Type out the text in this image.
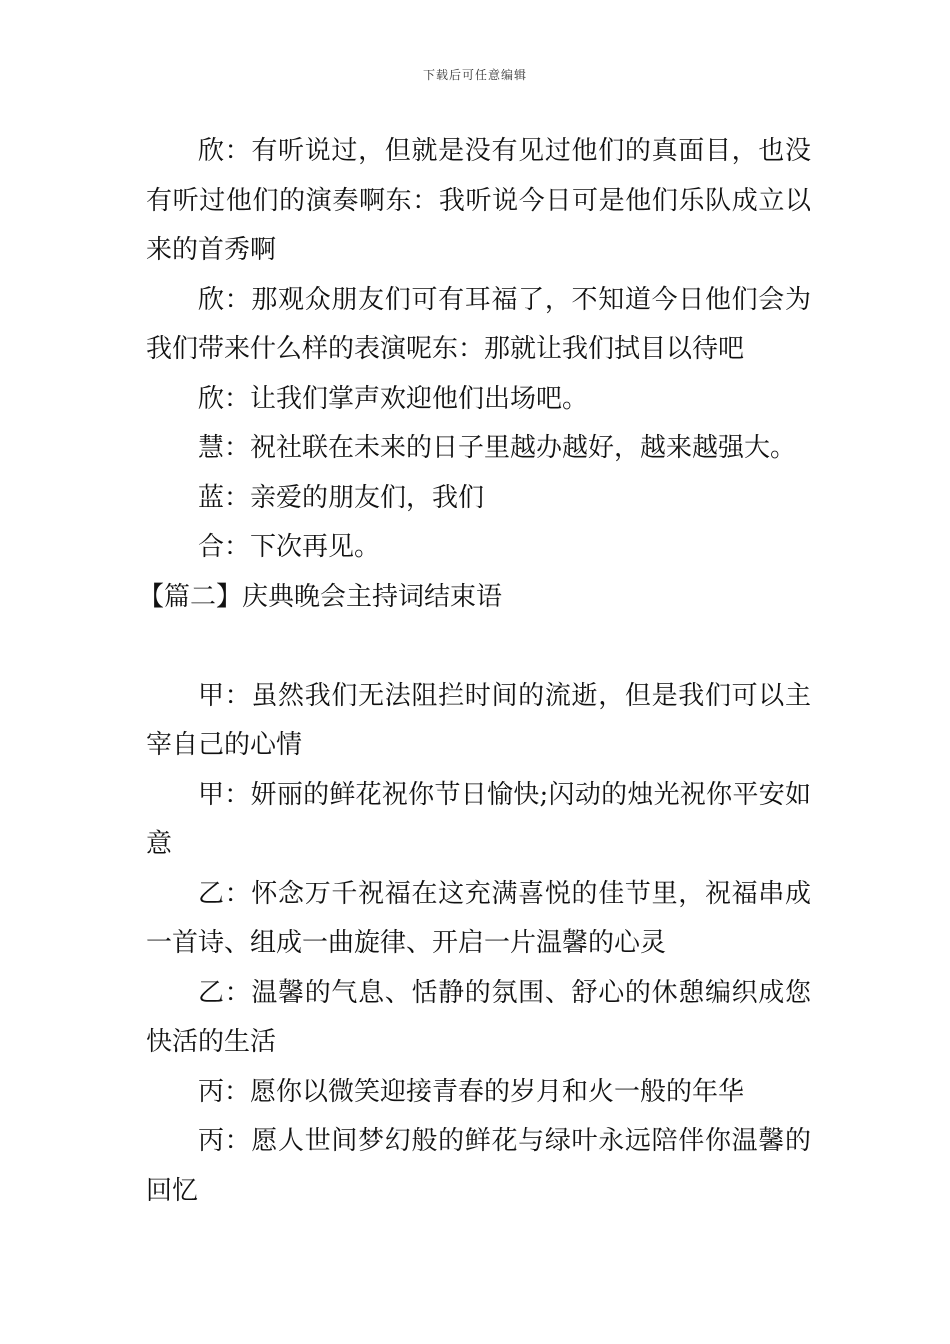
下载后可任意编辑

欣：有听说过，但就是没有见过他们的真面目，也没有听过他们的演奏啊东：我听说今日可是他们乐队成立以来的首秀啊

欣：那观众朋友们可有耳福了，不知道今日他们会为我们带来什么样的表演呢东：那就让我们拭目以待吧

欣：让我们掌声欢迎他们出场吧。

慧：祝社联在未来的日子里越办越好，越来越强大。

蓝：亲爱的朋友们，我们

合：下次再见。

【篇二】庆典晚会主持词结束语

甲：虽然我们无法阻拦时间的流逝，但是我们可以主宰自己的心情

甲：妍丽的鲜花祝你节日愉快;闪动的烛光祝你平安如意

乙：怀念万千祝福在这充满喜悦的佳节里，祝福串成一首诗、组成一曲旋律、开启一片温馨的心灵

乙：温馨的气息、恬静的氛围、舒心的休憩编织成您快活的生活

丙：愿你以微笑迎接青春的岁月和火一般的年华

丙：愿人世间梦幻般的鲜花与绿叶永远陪伴你温馨的回忆
